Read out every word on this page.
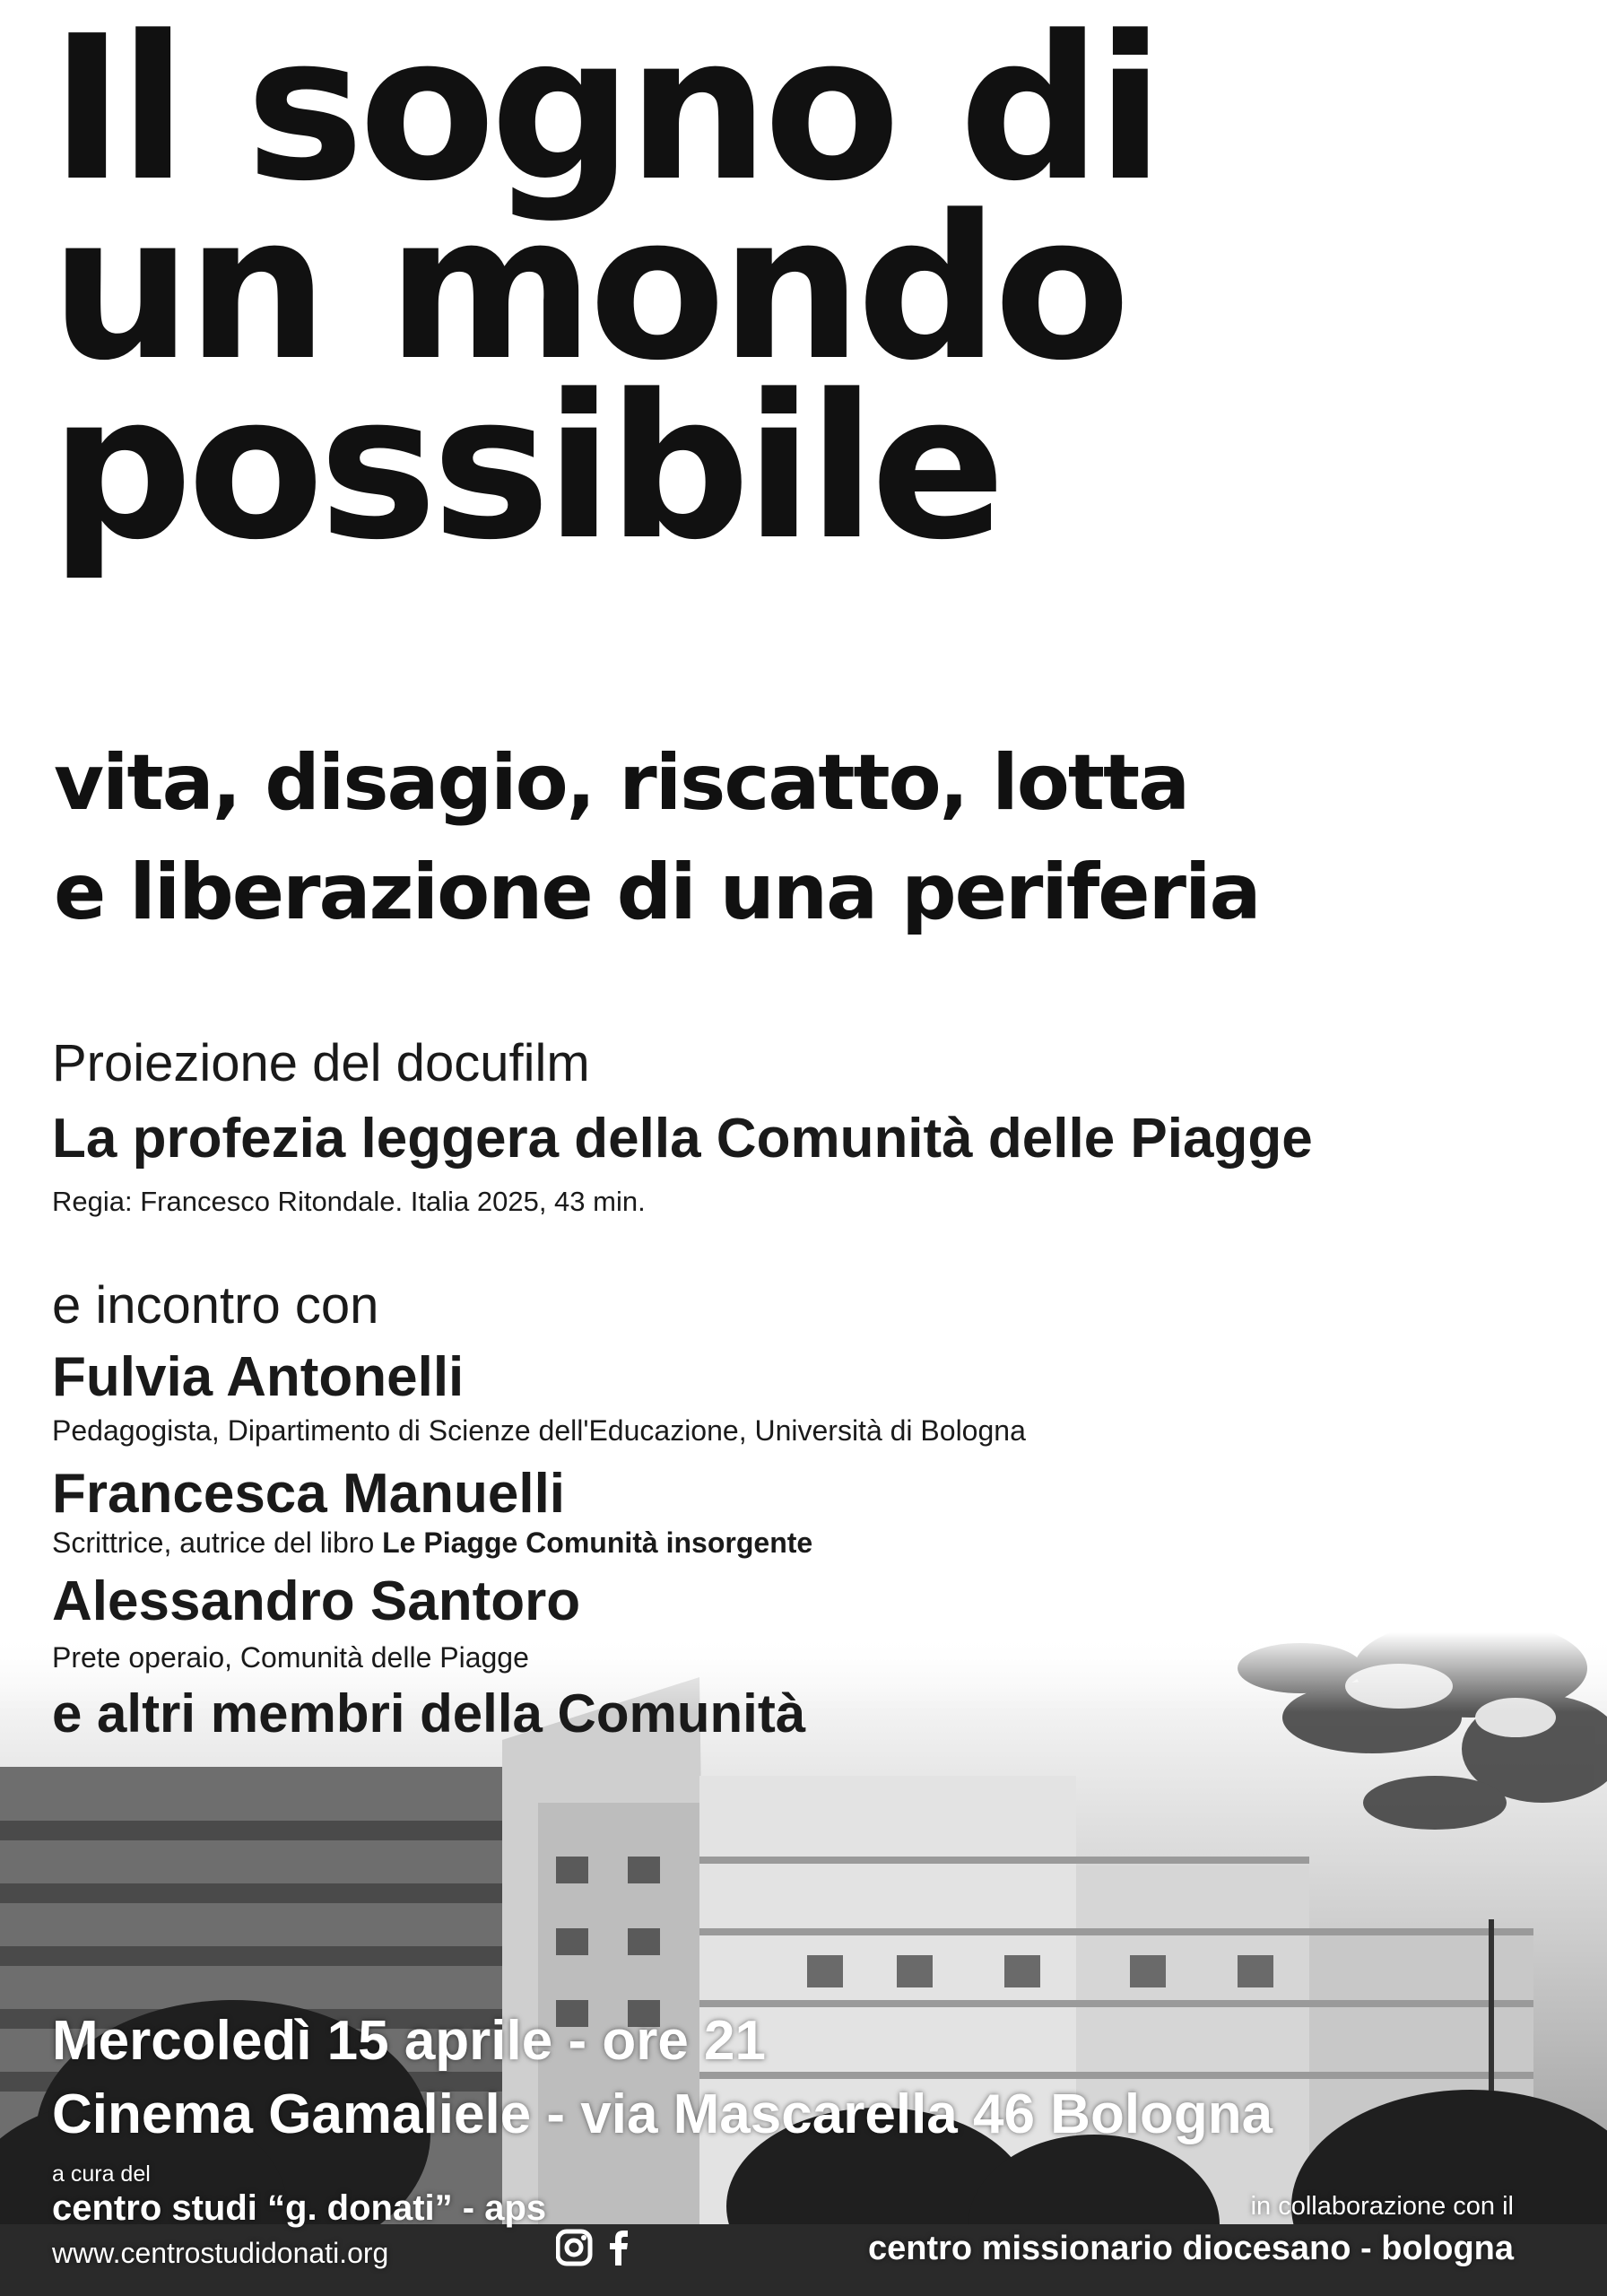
Il sogno di
un mondo
possibile
vita, disagio, riscatto, lotta
e liberazione di una periferia
Proiezione del docufilm
La profezia leggera della Comunità delle Piagge
Regia: Francesco Ritondale. Italia 2025, 43 min.
e incontro con
Fulvia Antonelli
Pedagogista, Dipartimento di Scienze dell'Educazione, Università di Bologna
Francesca Manuelli
Scrittrice, autrice del libro Le Piagge Comunità insorgente
Alessandro Santoro
Prete operaio, Comunità delle Piagge
e altri membri della Comunità
Mercoledì 15 aprile - ore 21
Cinema Gamaliele - via Mascarella 46 Bologna
a cura del
centro studi “g. donati” - aps
www.centrostudidonati.org
in collaborazione con il
centro missionario diocesano - bologna
